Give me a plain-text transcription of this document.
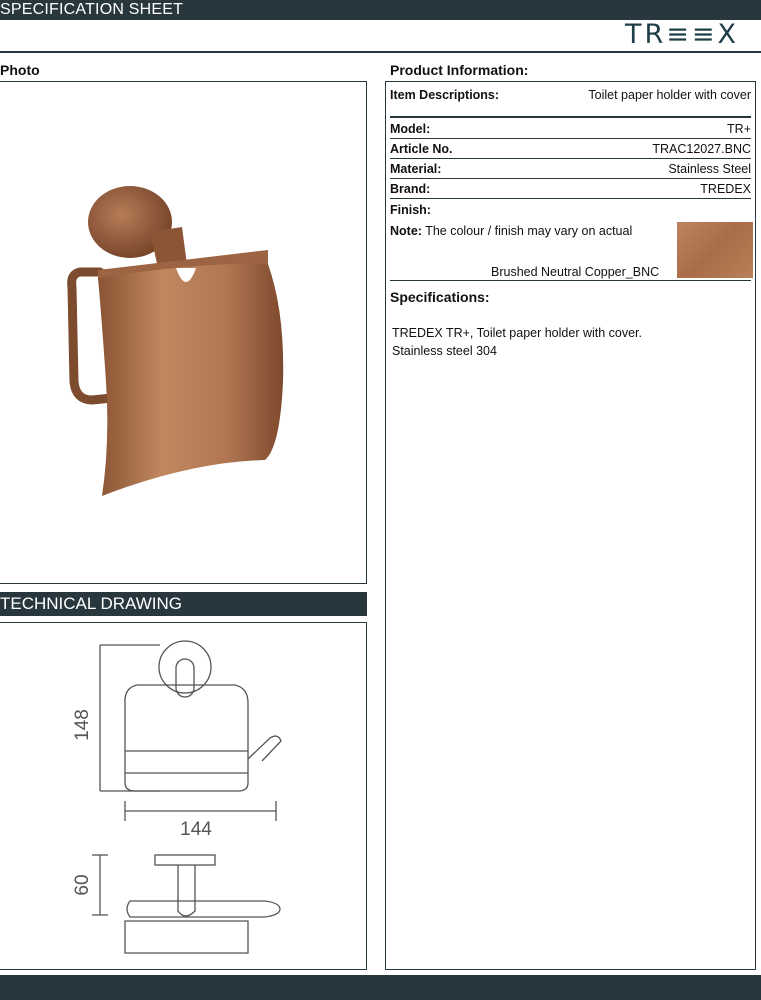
SPECIFICATION SHEET
TR≡≡X
Photo
TECHNICAL DRAWING
148
144
60
Product Information:
Item Descriptions:	Toilet paper holder with cover
Model:	TR+
Article No.	TRAC12027.BNC
Material:	Stainless Steel
Brand:	TREDEX
Finish:
Note: The colour / finish may vary on actual
Brushed Neutral Copper_BNC
Specifications:
TREDEX TR+, Toilet paper holder with cover.
Stainless steel 304
